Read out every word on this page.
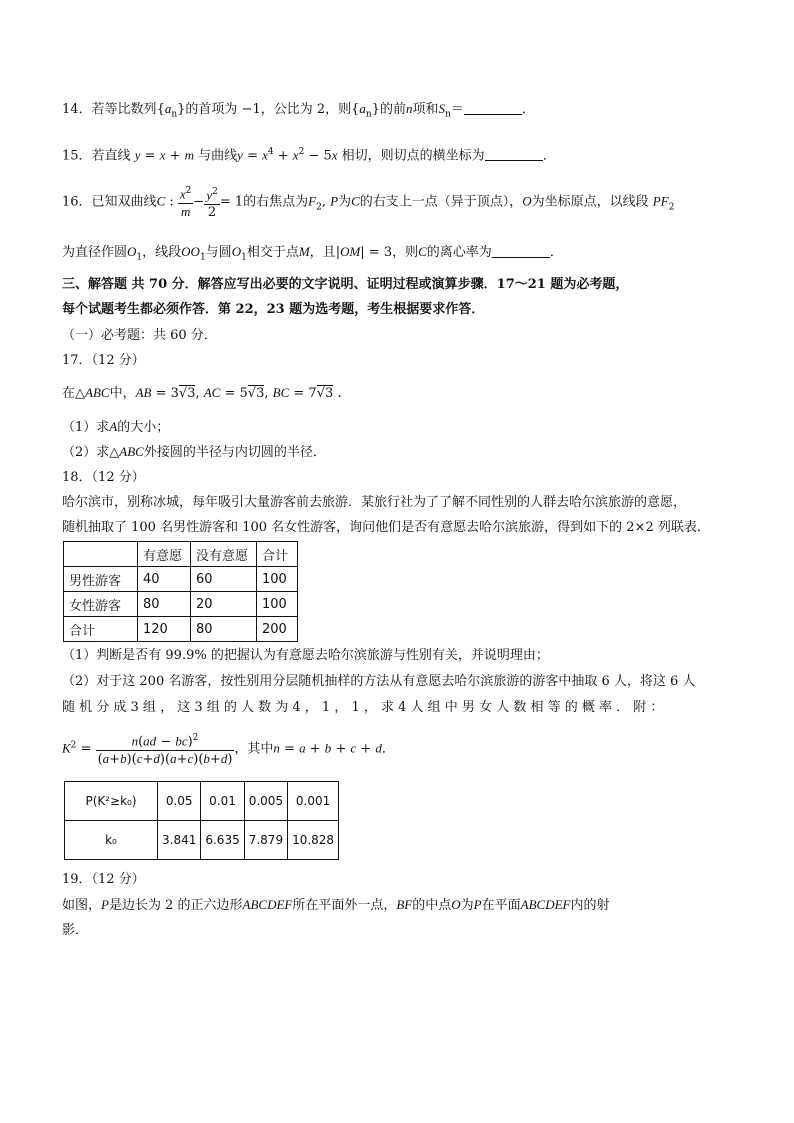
14．若等比数列$\{a_n\}$的首项为 −1，公比为 2，则$\{a_n\}$的前n项和$S_n=$	．
15．若直线 y = x + m 与曲线$y = x^4 + x^2 - 5x$ 相切，则切点的横坐标为	．
16．已知双曲线C : $\frac{x^2}{m} - \frac{y^2}{2} = 1$的右焦点为$F_2$, P为C的右支上一点（异于顶点），O为坐标原点，以线段 $PF_2$
为直径作圆$O_1$，线段$OO_1$与圆$O_1$相交于点M，且|OM| = 3，则C的离心率为	．
三、解答题 共 70 分．解答应写出必要的文字说明、证明过程或演算步骤．17～21 题为必考题，
每个试题考生都必须作答．第 22，23 题为选考题，考生根据要求作答．
（一）必考题：共 60 分．
17．（12 分）
在△ABC中，AB = 3√3, AC = 5√3, BC = 7√3 .
（1）求A的大小；
（2）求△ABC外接圆的半径与内切圆的半径．
18．（12 分）
哈尔滨市，别称冰城，每年吸引大量游客前去旅游．某旅行社为了了解不同性别的人群去哈尔滨旅游的意愿，
随机抽取了 100 名男性游客和 100 名女性游客，询问他们是否有意愿去哈尔滨旅游，得到如下的 2×2 列联表．
	有意愿	没有意愿	合计
男性游客	40	60	100
女性游客	80	20	100
合计	120	80	200
（1）判断是否有 99.9% 的把握认为有意愿去哈尔滨旅游与性别有关，并说明理由；
（2）对于这 200 名游客，按性别用分层随机抽样的方法从有意愿去哈尔滨旅游的游客中抽取 6 人，将这 6 人
随 机 分 成 3 组 ， 这 3 组 的 人 数 为 4 ， 1 ， 1 ， 求 4 人 组 中 男 女 人 数 相 等 的 概 率 ． 附 ：
$K^2 = \frac{n(ad - bc)^2}{(a+b)(c+d)(a+c)(b+d)}$ ，其中n = a + b + c + d．
P(K²≥k₀)	0.05	0.01	0.005	0.001
k₀	3.841	6.635	7.879	10.828
19．（12 分）
如图，P是边长为 2 的正六边形ABCDEF所在平面外一点，BF的中点O为P在平面ABCDEF内的射
影．
